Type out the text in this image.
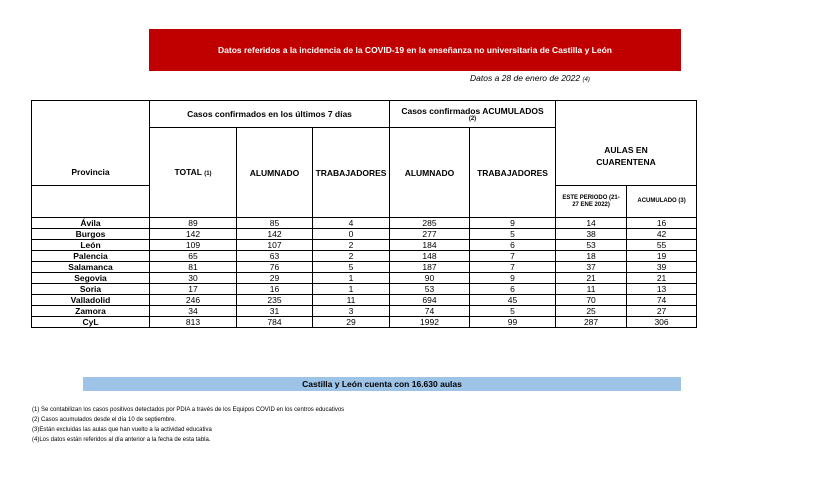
Datos referidos a la incidencia de la COVID-19 en la enseñanza no universitaria de Castilla y León
Datos a 28 de enero de 2022 (4)
	Casos confirmados en los últimos 7 días			Casos confirmados ACUMULADOS
(2)			

	TOTAL (1)	ALUMNADO	TRABAJADORES	ALUMNADO	TRABAJADORES	AULAS EN CUARENTENA	
Provincia						ESTE PERIODO (21-27 ENE 2022)	ACUMULADO (3)
Ávila	89	85	4	285	9	14	16
Burgos	142	142	0	277	5	38	42
León	109	107	2	184	6	53	55
Palencia	65	63	2	148	7	18	19
Salamanca	81	76	5	187	7	37	39
Segovia	30	29	1	90	9	21	21
Soria	17	16	1	53	6	11	13
Valladolid	246	235	11	694	45	70	74
Zamora	34	31	3	74	5	25	27
CyL	813	784	29	1992	99	287	306
Castilla y León cuenta con 16.630 aulas
(1) Se contabilizan los casos positivos detectados por PDIA a través de los Equipos COVID en los centros educativos
(2) Casos acumulados desde el día 10 de septiembre.
(3)Están excluidas las aulas que han vuelto a la actividad educativa
(4)Los datos están referidos al día anterior a la fecha de esta tabla.
